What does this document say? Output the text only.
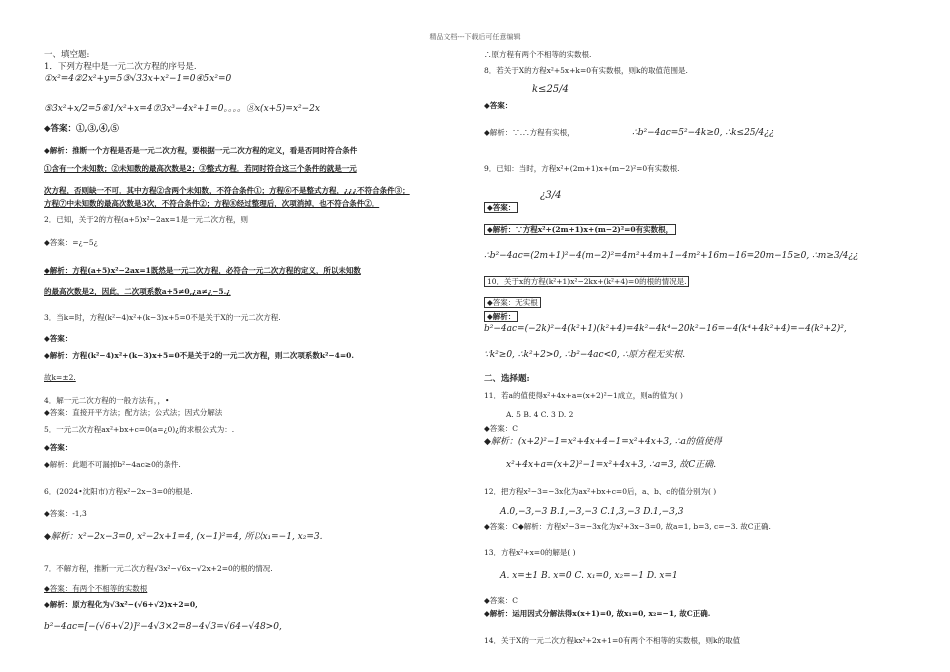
精品文档---下载后可任意编辑
一、填空题:
1．下列方程中是一元二次方程的序号是.
①x²=4②2x²+y=5③√33x+x²−1=0④5x²=0
⑤3x²+x/2=5⑥1/x²+x=4⑦3x³−4x²+1=0。。。。⑧x(x+5)=x²−2x
◆答案：①,③,④,⑤
◆解析：推断一个方程是否是一元二次方程，要根据一元二次方程的定义，看是否同时符合条件
①含有一个未知数；②未知数的最高次数是2；③整式方程．若同时符合这三个条件的就是一元
次方程，否则缺一不可．其中方程②含两个未知数，不符合条件①；方程⑥不是整式方程，¿¿¿不符合条件③；
方程⑦中未知数的最高次数是3次，不符合条件②；方程⑧经过整理后，次项消掉，也不符合条件②．
2．已知，关于2的方程(a+5)x²−2ax=1是一元二次方程，则
◆答案：=¿−5¿
◆解析：方程(a+5)x²−2ax=1既然是一元二次方程，必符合一元二次方程的定义，所以未知数
的最高次数是2，因此，二次项系数a+5≠0,¿a≠¿−5.¿
3．当k=时，方程(k²−4)x²+(k−3)x+5=0不是关于X的一元二次方程.
◆答案：
◆解析：方程(k²−4)x²+(k−3)x+5=0不是关于2的一元二次方程，则二次项系数k²−4=0.
故k=±2.
4．解一元二次方程的一般方法有，，•
◆答案：直接开平方法；配方法；公式法；因式分解法
5．一元二次方程ax²+bx+c=0(a=¿0)¿的求根公式为：.
◆答案：
◆解析：此题不可漏掉b²−4ac≥0的条件.
6．(2024•沈阳市)方程x²−2x−3=0的根是.
◆答案：-1,3
◆解析：x²−2x−3=0, x²−2x+1=4, (x−1)²=4, 所以x₁=−1, x₂=3.
7．不解方程，推断一元二次方程√3x²−√6x−√2x+2=0的根的情况.
◆答案：有两个不相等的实数根
◆解析：原方程化为√3x²−(√6+√2)x+2=0,
b²−4ac=[−(√6+√2)]²−4√3×2=8−4√3=√64−√48>0,
∴原方程有两个不相等的实数根.
8．若关于X的方程x²+5x+k=0有实数根，则k的取值范围是.
k≤25/4
◆答案：
◆解析：∵.∴方程有实根，	∴b²−4ac=5²−4k≥0, ∴k≤25/4¿¿
9．已知：当时，方程x²+(2m+1)x+(m−2)²=0有实数根.
¿3/4
◆答案：
◆解析：∵方程x²+(2m+1)x+(m−2)²=0有实数根，
∴b²−4ac=(2m+1)²−4(m−2)²=4m²+4m+1−4m²+16m−16=20m−15≥0, ∴m≥3/4¿¿
10．关于x的方程(k²+1)x²−2kx+(k²+4)=0的根的情况是.
◆答案：无实根
◆解析：
b²−4ac=(−2k)²−4(k²+1)(k²+4)=4k²−4k⁴−20k²−16=−4(k⁴+4k²+4)=−4(k²+2)²,
∵k²≥0, ∴k²+2>0, ∴b²−4ac<0, ∴原方程无实根.
二、选择题:
11．若a的值使得x²+4x+a=(x+2)²−1成立，则a的值为( )
A. 5 B. 4 C. 3 D. 2
◆答案：C
◆解析：(x+2)²−1=x²+4x+4−1=x²+4x+3, ∴a的值使得
x²+4x+a=(x+2)²−1=x²+4x+3, ∴a=3, 故C正确.
12．把方程x²−3=−3x化为ax²+bx+c=0后，a、b、c的值分别为( )
A.0,−3,−3 B.1,−3,−3 C.1,3,−3 D.1,−3,3
◆答案：C◆解析：方程x²−3=−3x化为x²+3x−3=0, 故a=1, b=3, c=−3. 故C正确.
13．方程x²+x=0的解是( )
A. x=±1 B. x=0 C. x₁=0, x₂=−1 D. x=1
◆答案：C
◆解析：运用因式分解法得x(x+1)=0, 故x₁=0, x₂=−1, 故C正确.
14．关于X的一元二次方程kx²+2x+1=0有两个不相等的实数根，则k的取值
